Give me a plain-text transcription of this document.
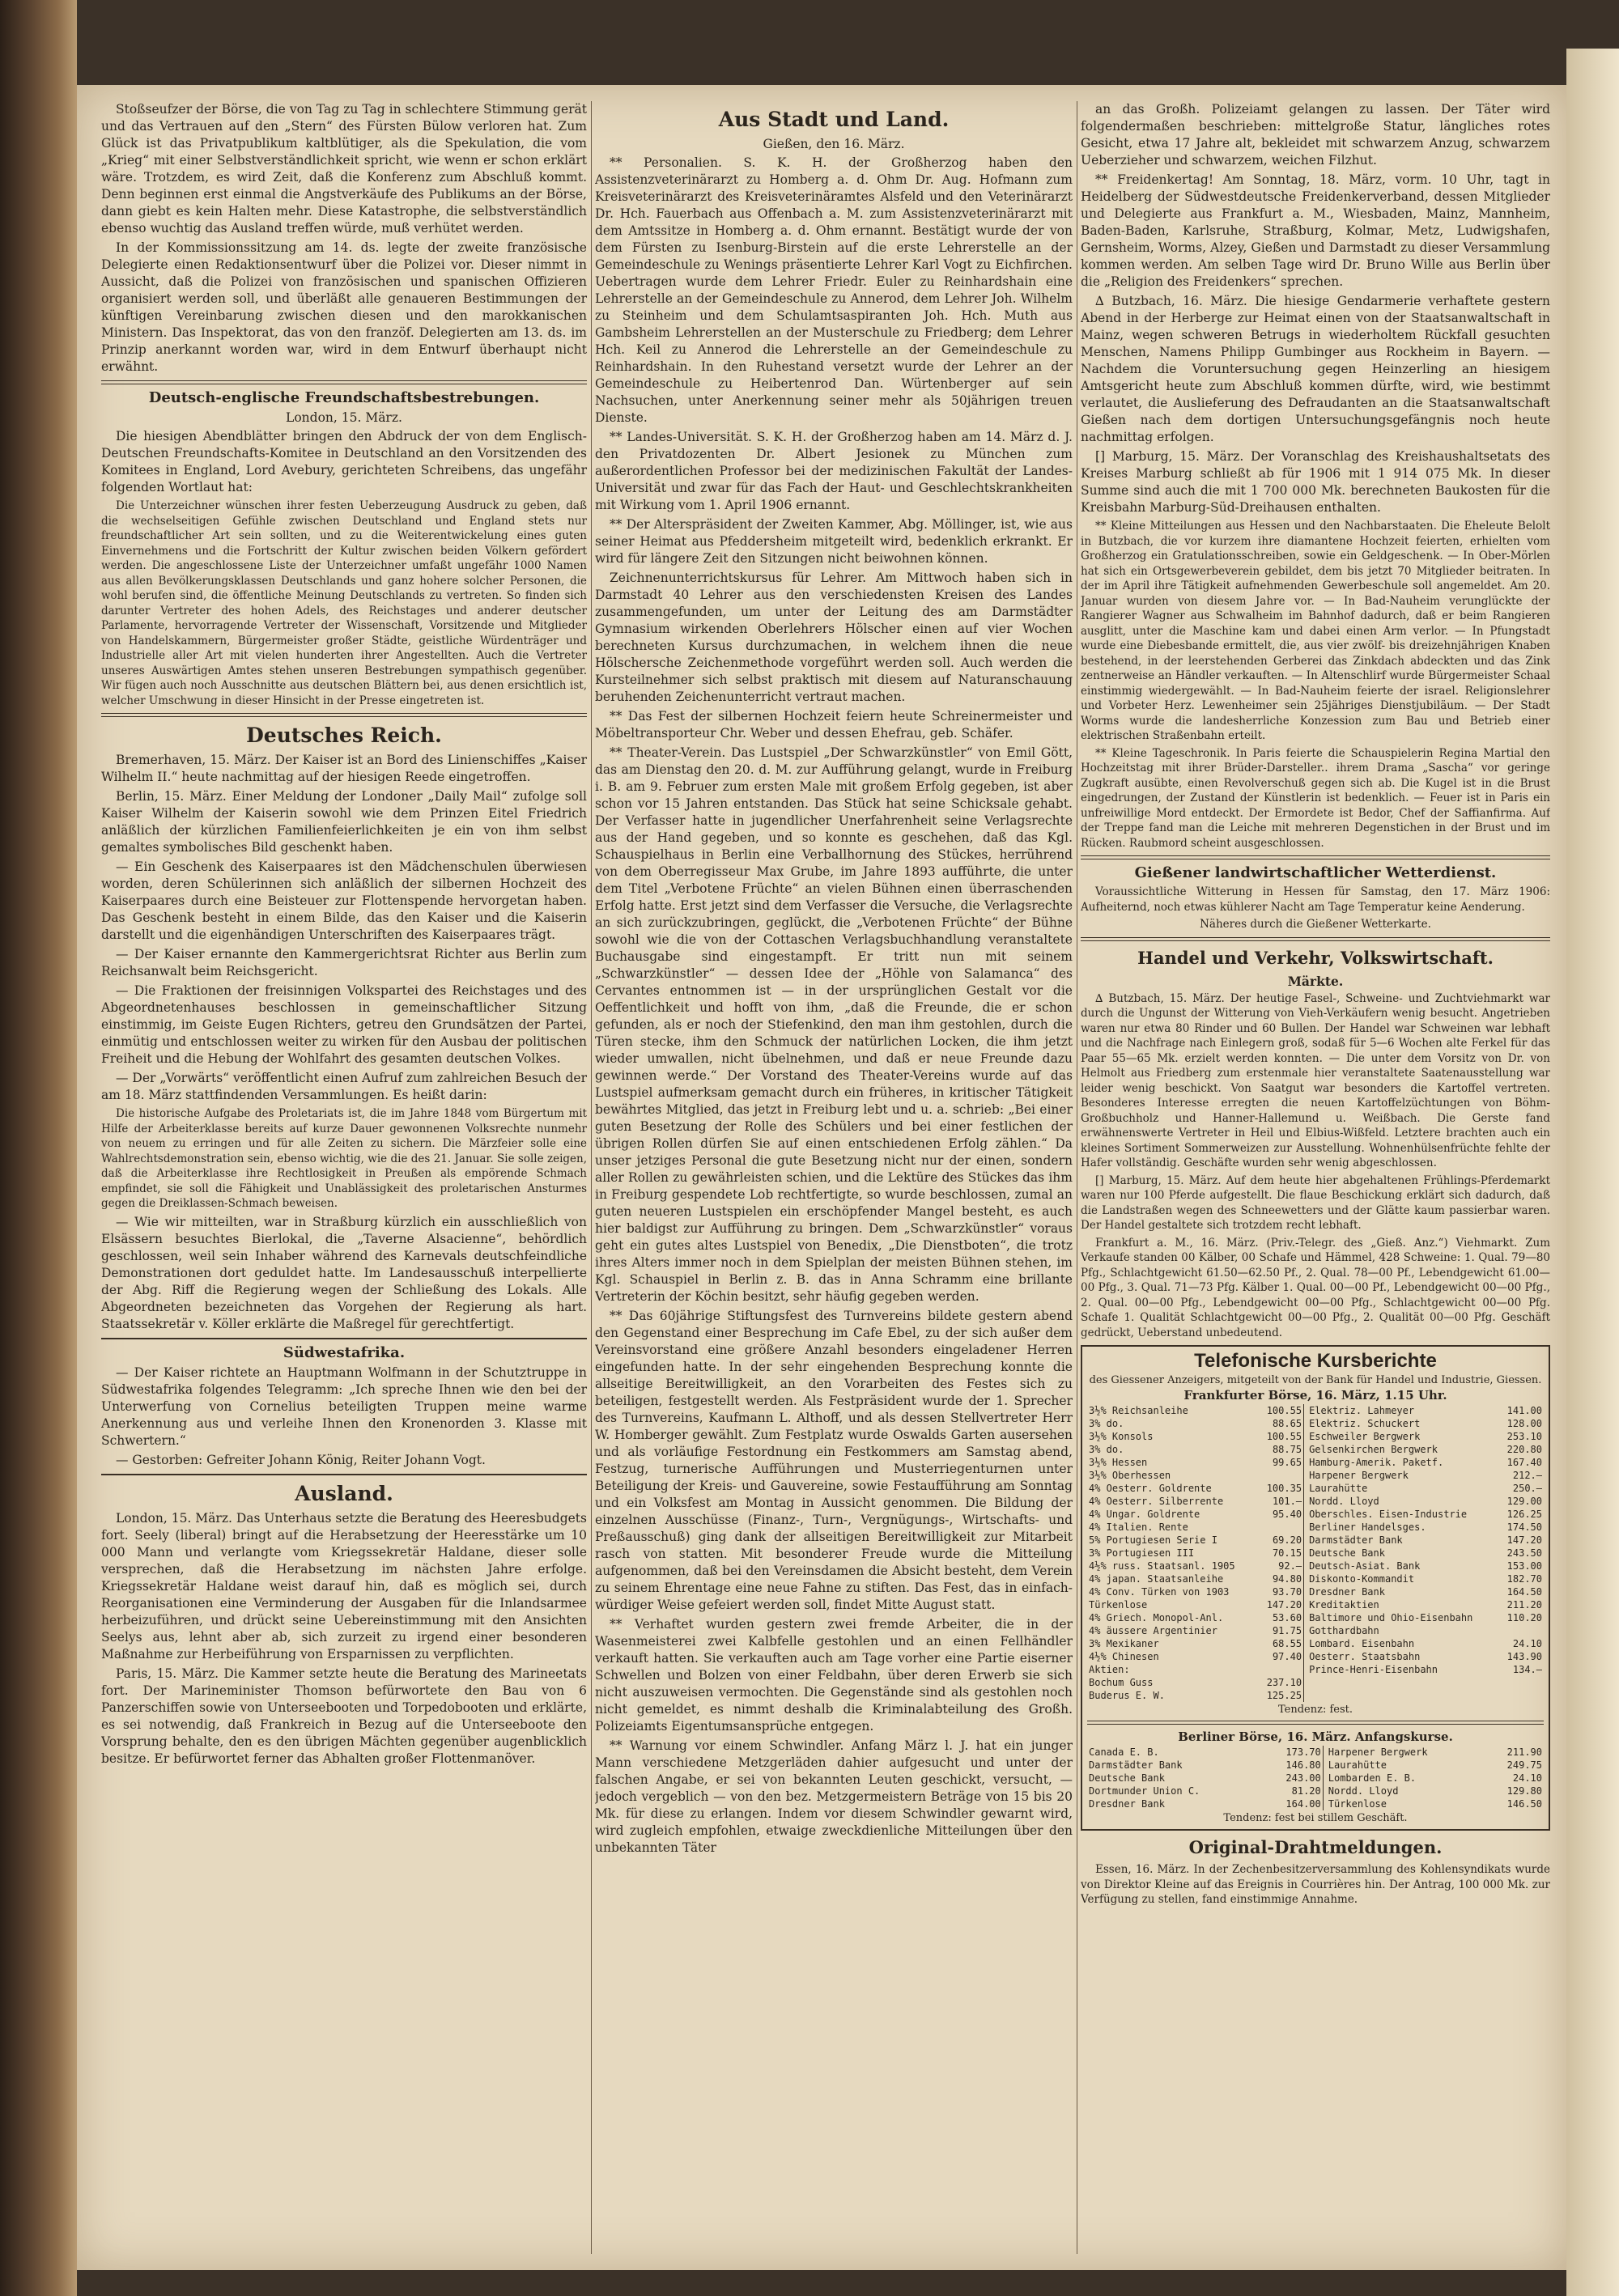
Stoßseufzer der Börse, die von Tag zu Tag in schlechtere Stimmung gerät und das Vertrauen auf den „Stern“ des Fürsten Bülow verloren hat. Zum Glück ist das Privatpublikum kaltblütiger, als die Spekulation, die vom „Krieg“ mit einer Selbstverständlichkeit spricht, wie wenn er schon erklärt wäre. Trotzdem, es wird Zeit, daß die Konferenz zum Abschluß kommt. Denn beginnen erst einmal die Angstverkäufe des Publikums an der Börse, dann giebt es kein Halten mehr. Diese Katastrophe, die selbstverständlich ebenso wuchtig das Ausland treffen würde, muß verhütet werden.

In der Kommissionssitzung am 14. ds. legte der zweite französische Delegierte einen Redaktionsentwurf über die Polizei vor. Dieser nimmt in Aussicht, daß die Polizei von französischen und spanischen Offizieren organisiert werden soll, und überläßt alle genaueren Bestimmungen der künftigen Vereinbarung zwischen diesen und den marokkanischen Ministern. Das Inspektorat, das von den franzöf. Delegierten am 13. ds. im Prinzip anerkannt worden war, wird in dem Entwurf überhaupt nicht erwähnt.

Deutsch-englische Freundschaftsbestrebungen.
London, 15. März.

Die hiesigen Abendblätter bringen den Abdruck der von dem Englisch-Deutschen Freundschafts-Komitee in Deutschland an den Vorsitzenden des Komitees in England, Lord Avebury, gerichteten Schreibens, das ungefähr folgenden Wortlaut hat:

Die Unterzeichner wünschen ihrer festen Ueberzeugung Ausdruck zu geben, daß die wechselseitigen Gefühle zwischen Deutschland und England stets nur freundschaftlicher Art sein sollten, und zu die Weiterentwickelung eines guten Einvernehmens und die Fortschritt der Kultur zwischen beiden Völkern gefördert werden. Die angeschlossene Liste der Unterzeichner umfaßt ungefähr 1000 Namen aus allen Bevölkerungsklassen Deutschlands und ganz hohere solcher Personen, die wohl berufen sind, die öffentliche Meinung Deutschlands zu vertreten. So finden sich darunter Vertreter des hohen Adels, des Reichstages und anderer deutscher Parlamente, hervorragende Vertreter der Wissenschaft, Vorsitzende und Mitglieder von Handelskammern, Bürgermeister großer Städte, geistliche Würdenträger und Industrielle aller Art mit vielen hunderten ihrer Angestellten. Auch die Vertreter unseres Auswärtigen Amtes stehen unseren Bestrebungen sympathisch gegenüber. Wir fügen auch noch Ausschnitte aus deutschen Blättern bei, aus denen ersichtlich ist, welcher Umschwung in dieser Hinsicht in der Presse eingetreten ist.

Deutsches Reich.

Bremerhaven, 15. März. Der Kaiser ist an Bord des Linienschiffes „Kaiser Wilhelm II.“ heute nachmittag auf der hiesigen Reede eingetroffen.

Berlin, 15. März. Einer Meldung der Londoner „Daily Mail“ zufolge soll Kaiser Wilhelm der Kaiserin sowohl wie dem Prinzen Eitel Friedrich anläßlich der kürzlichen Familienfeierlichkeiten je ein von ihm selbst gemaltes symbolisches Bild geschenkt haben.

— Ein Geschenk des Kaiserpaares ist den Mädchenschulen überwiesen worden, deren Schülerinnen sich anläßlich der silbernen Hochzeit des Kaiserpaares durch eine Beisteuer zur Flottenspende hervorgetan haben. Das Geschenk besteht in einem Bilde, das den Kaiser und die Kaiserin darstellt und die eigenhändigen Unterschriften des Kaiserpaares trägt.

— Der Kaiser ernannte den Kammergerichtsrat Richter aus Berlin zum Reichsanwalt beim Reichsgericht.

— Die Fraktionen der freisinnigen Volkspartei des Reichstages und des Abgeordnetenhauses beschlossen in gemeinschaftlicher Sitzung einstimmig, im Geiste Eugen Richters, getreu den Grundsätzen der Partei, einmütig und entschlossen weiter zu wirken für den Ausbau der politischen Freiheit und die Hebung der Wohlfahrt des gesamten deutschen Volkes.

— Der „Vorwärts“ veröffentlicht einen Aufruf zum zahlreichen Besuch der am 18. März stattfindenden Versammlungen. Es heißt darin:

Die historische Aufgabe des Proletariats ist, die im Jahre 1848 vom Bürgertum mit Hilfe der Arbeiterklasse bereits auf kurze Dauer gewonnenen Volksrechte nunmehr von neuem zu erringen und für alle Zeiten zu sichern. Die Märzfeier solle eine Wahlrechtsdemonstration sein, ebenso wichtig, wie die des 21. Januar. Sie solle zeigen, daß die Arbeiterklasse ihre Rechtlosigkeit in Preußen als empörende Schmach empfindet, sie soll die Fähigkeit und Unablässigkeit des proletarischen Ansturmes gegen die Dreiklassen-Schmach beweisen.

— Wie wir mitteilten, war in Straßburg kürzlich ein ausschließlich von Elsässern besuchtes Bierlokal, die „Taverne Alsacienne“, behördlich geschlossen, weil sein Inhaber während des Karnevals deutschfeindliche Demonstrationen dort geduldet hatte. Im Landesausschuß interpellierte der Abg. Riff die Regierung wegen der Schließung des Lokals. Alle Abgeordneten bezeichneten das Vorgehen der Regierung als hart. Staatssekretär v. Köller erklärte die Maßregel für gerechtfertigt.

Südwestafrika.

— Der Kaiser richtete an Hauptmann Wolfmann in der Schutztruppe in Südwestafrika folgendes Telegramm: „Ich spreche Ihnen wie den bei der Unterwerfung von Cornelius beteiligten Truppen meine warme Anerkennung aus und verleihe Ihnen den Kronenorden 3. Klasse mit Schwertern.“

— Gestorben: Gefreiter Johann König, Reiter Johann Vogt.

Ausland.

London, 15. März. Das Unterhaus setzte die Beratung des Heeresbudgets fort. Seely (liberal) bringt auf die Herabsetzung der Heeresstärke um 10 000 Mann und verlangte vom Kriegssekretär Haldane, dieser solle versprechen, daß die Herabsetzung im nächsten Jahre erfolge. Kriegssekretär Haldane weist darauf hin, daß es möglich sei, durch Reorganisationen eine Verminderung der Ausgaben für die Inlandsarmee herbeizuführen, und drückt seine Uebereinstimmung mit den Ansichten Seelys aus, lehnt aber ab, sich zurzeit zu irgend einer besonderen Maßnahme zur Herbeiführung von Ersparnissen zu verpflichten.

Paris, 15. März. Die Kammer setzte heute die Beratung des Marineetats fort. Der Marineminister Thomson befürwortete den Bau von 6 Panzerschiffen sowie von Unterseebooten und Torpedobooten und erklärte, es sei notwendig, daß Frankreich in Bezug auf die Unterseeboote den Vorsprung behalte, den es den übrigen Mächten gegenüber augenblicklich besitze. Er befürwortet ferner das Abhalten großer Flottenmanöver.

Aus Stadt und Land.
Gießen, den 16. März.

** Personalien. S. K. H. der Großherzog haben den Assistenzveterinärarzt zu Homberg a. d. Ohm Dr. Aug. Hofmann zum Kreisveterinärarzt des Kreisveterinäramtes Alsfeld und den Veterinärarzt Dr. Hch. Fauerbach aus Offenbach a. M. zum Assistenzveterinärarzt mit dem Amtssitze in Homberg a. d. Ohm ernannt. Bestätigt wurde der von dem Fürsten zu Isenburg-Birstein auf die erste Lehrerstelle an der Gemeindeschule zu Wenings präsentierte Lehrer Karl Vogt zu Eichfirchen. Uebertragen wurde dem Lehrer Friedr. Euler zu Reinhardshain eine Lehrerstelle an der Gemeindeschule zu Annerod, dem Lehrer Joh. Wilhelm zu Steinheim und dem Schulamtsaspiranten Joh. Hch. Muth aus Gambsheim Lehrerstellen an der Musterschule zu Friedberg; dem Lehrer Hch. Keil zu Annerod die Lehrerstelle an der Gemeindeschule zu Reinhardshain. In den Ruhestand versetzt wurde der Lehrer an der Gemeindeschule zu Heibertenrod Dan. Würtenberger auf sein Nachsuchen, unter Anerkennung seiner mehr als 50jährigen treuen Dienste.

** Landes-Universität. S. K. H. der Großherzog haben am 14. März d. J. den Privatdozenten Dr. Albert Jesionek zu München zum außerordentlichen Professor bei der medizinischen Fakultät der Landes-Universität und zwar für das Fach der Haut- und Geschlechtskrankheiten mit Wirkung vom 1. April 1906 ernannt.

** Der Alterspräsident der Zweiten Kammer, Abg. Möllinger, ist, wie aus seiner Heimat aus Pfeddersheim mitgeteilt wird, bedenklich erkrankt. Er wird für längere Zeit den Sitzungen nicht beiwohnen können.

Zeichnenunterrichtskursus für Lehrer. Am Mittwoch haben sich in Darmstadt 40 Lehrer aus den verschiedensten Kreisen des Landes zusammengefunden, um unter der Leitung des am Darmstädter Gymnasium wirkenden Oberlehrers Hölscher einen auf vier Wochen berechneten Kursus durchzumachen, in welchem ihnen die neue Hölschersche Zeichenmethode vorgeführt werden soll. Auch werden die Kursteilnehmer sich selbst praktisch mit diesem auf Naturanschauung beruhenden Zeichenunterricht vertraut machen.

** Das Fest der silbernen Hochzeit feiern heute Schreinermeister und Möbeltransporteur Chr. Weber und dessen Ehefrau, geb. Schäfer.

** Theater-Verein. Das Lustspiel „Der Schwarzkünstler“ von Emil Gött, das am Dienstag den 20. d. M. zur Aufführung gelangt, wurde in Freiburg i. B. am 9. Februer zum ersten Male mit großem Erfolg gegeben, ist aber schon vor 15 Jahren entstanden. Das Stück hat seine Schicksale gehabt. Der Verfasser hatte in jugendlicher Unerfahrenheit seine Verlagsrechte aus der Hand gegeben, und so konnte es geschehen, daß das Kgl. Schauspielhaus in Berlin eine Verballhornung des Stückes, herrührend von dem Oberregisseur Max Grube, im Jahre 1893 aufführte, die unter dem Titel „Verbotene Früchte“ an vielen Bühnen einen überraschenden Erfolg hatte. Erst jetzt sind dem Verfasser die Versuche, die Verlagsrechte an sich zurückzubringen, geglückt, die „Verbotenen Früchte“ der Bühne sowohl wie die von der Cottaschen Verlagsbuchhandlung veranstaltete Buchausgabe sind eingestampft. Er tritt nun mit seinem „Schwarzkünstler“ — dessen Idee der „Höhle von Salamanca“ des Cervantes entnommen ist — in der ursprünglichen Gestalt vor die Oeffentlichkeit und hofft von ihm, „daß die Freunde, die er schon gefunden, als er noch der Stiefenkind, den man ihm gestohlen, durch die Türen stecke, ihm den Schmuck der natürlichen Locken, die ihm jetzt wieder umwallen, nicht übelnehmen, und daß er neue Freunde dazu gewinnen werde.“ Der Vorstand des Theater-Vereins wurde auf das Lustspiel aufmerksam gemacht durch ein früheres, in kritischer Tätigkeit bewährtes Mitglied, das jetzt in Freiburg lebt und u. a. schrieb: „Bei einer guten Besetzung der Rolle des Schülers und bei einer festlichen der übrigen Rollen dürfen Sie auf einen entschiedenen Erfolg zählen.“ Da unser jetziges Personal die gute Besetzung nicht nur der einen, sondern aller Rollen zu gewährleisten schien, und die Lektüre des Stückes das ihm in Freiburg gespendete Lob rechtfertigte, so wurde beschlossen, zumal an guten neueren Lustspielen ein erschöpfender Mangel besteht, es auch hier baldigst zur Aufführung zu bringen. Dem „Schwarzkünstler“ voraus geht ein gutes altes Lustspiel von Benedix, „Die Dienstboten“, die trotz ihres Alters immer noch in dem Spielplan der meisten Bühnen stehen, im Kgl. Schauspiel in Berlin z. B. das in Anna Schramm eine brillante Vertreterin der Köchin besitzt, sehr häufig gegeben werden.

** Das 60jährige Stiftungsfest des Turnvereins bildete gestern abend den Gegenstand einer Besprechung im Cafe Ebel, zu der sich außer dem Vereinsvorstand eine größere Anzahl besonders eingeladener Herren eingefunden hatte. In der sehr eingehenden Besprechung konnte die allseitige Bereitwilligkeit, an den Vorarbeiten des Festes sich zu beteiligen, festgestellt werden. Als Festpräsident wurde der 1. Sprecher des Turnvereins, Kaufmann L. Althoff, und als dessen Stellvertreter Herr W. Homberger gewählt. Zum Festplatz wurde Oswalds Garten ausersehen und als vorläufige Festordnung ein Festkommers am Samstag abend, Festzug, turnerische Aufführungen und Musterriegenturnen unter Beteiligung der Kreis- und Gauvereine, sowie Festaufführung am Sonntag und ein Volksfest am Montag in Aussicht genommen. Die Bildung der einzelnen Ausschüsse (Finanz-, Turn-, Vergnügungs-, Wirtschafts- und Preßausschuß) ging dank der allseitigen Bereitwilligkeit zur Mitarbeit rasch von statten. Mit besonderer Freude wurde die Mitteilung aufgenommen, daß bei den Vereinsdamen die Absicht besteht, dem Verein zu seinem Ehrentage eine neue Fahne zu stiften. Das Fest, das in einfach-würdiger Weise gefeiert werden soll, findet Mitte August statt.

** Verhaftet wurden gestern zwei fremde Arbeiter, die in der Wasenmeisterei zwei Kalbfelle gestohlen und an einen Fellhändler verkauft hatten. Sie verkauften auch am Tage vorher eine Partie eiserner Schwellen und Bolzen von einer Feldbahn, über deren Erwerb sie sich nicht auszuweisen vermochten. Die Gegenstände sind als gestohlen noch nicht gemeldet, es nimmt deshalb die Kriminalabteilung des Großh. Polizeiamts Eigentumsansprüche entgegen.

** Warnung vor einem Schwindler. Anfang März l. J. hat ein junger Mann verschiedene Metzgerläden dahier aufgesucht und unter der falschen Angabe, er sei von bekannten Leuten geschickt, versucht, — jedoch vergeblich — von den bez. Metzgermeistern Beträge von 15 bis 20 Mk. für diese zu erlangen. Indem vor diesem Schwindler gewarnt wird, wird zugleich empfohlen, etwaige zweckdienliche Mitteilungen über den unbekannten Täter

an das Großh. Polizeiamt gelangen zu lassen. Der Täter wird folgendermaßen beschrieben: mittelgroße Statur, längliches rotes Gesicht, etwa 17 Jahre alt, bekleidet mit schwarzem Anzug, schwarzem Ueberzieher und schwarzem, weichen Filzhut.

** Freidenkertag! Am Sonntag, 18. März, vorm. 10 Uhr, tagt in Heidelberg der Südwestdeutsche Freidenkerverband, dessen Mitglieder und Delegierte aus Frankfurt a. M., Wiesbaden, Mainz, Mannheim, Baden-Baden, Karlsruhe, Straßburg, Kolmar, Metz, Ludwigshafen, Gernsheim, Worms, Alzey, Gießen und Darmstadt zu dieser Versammlung kommen werden. Am selben Tage wird Dr. Bruno Wille aus Berlin über die „Religion des Freidenkers“ sprechen.

∆ Butzbach, 16. März. Die hiesige Gendarmerie verhaftete gestern Abend in der Herberge zur Heimat einen von der Staatsanwaltschaft in Mainz, wegen schweren Betrugs in wiederholtem Rückfall gesuchten Menschen, Namens Philipp Gumbinger aus Rockheim in Bayern. — Nachdem die Voruntersuchung gegen Heinzerling an hiesigem Amtsgericht heute zum Abschluß kommen dürfte, wird, wie bestimmt verlautet, die Auslieferung des Defraudanten an die Staatsanwaltschaft Gießen nach dem dortigen Untersuchungsgefängnis noch heute nachmittag erfolgen.

[] Marburg, 15. März. Der Voranschlag des Kreishaushaltsetats des Kreises Marburg schließt ab für 1906 mit 1 914 075 Mk. In dieser Summe sind auch die mit 1 700 000 Mk. berechneten Baukosten für die Kreisbahn Marburg-Süd-Dreihausen enthalten.

** Kleine Mitteilungen aus Hessen und den Nachbarstaaten. Die Eheleute Belolt in Butzbach, die vor kurzem ihre diamantene Hochzeit feierten, erhielten vom Großherzog ein Gratulationsschreiben, sowie ein Geldgeschenk. — In Ober-Mörlen hat sich ein Ortsgewerbeverein gebildet, dem bis jetzt 70 Mitglieder beitraten. In der im April ihre Tätigkeit aufnehmenden Gewerbeschule soll angemeldet. Am 20. Januar wurden von diesem Jahre vor. — In Bad-Nauheim verunglückte der Rangierer Wagner aus Schwalheim im Bahnhof dadurch, daß er beim Rangieren ausglitt, unter die Maschine kam und dabei einen Arm verlor. — In Pfungstadt wurde eine Diebesbande ermittelt, die, aus vier zwölf- bis dreizehnjährigen Knaben bestehend, in der leerstehenden Gerberei das Zinkdach abdeckten und das Zink zentnerweise an Händler verkauften. — In Altenschlirf wurde Bürgermeister Schaal einstimmig wiedergewählt. — In Bad-Nauheim feierte der israel. Religionslehrer und Vorbeter Herz. Lewenheimer sein 25jähriges Dienstjubiläum. — Der Stadt Worms wurde die landesherrliche Konzession zum Bau und Betrieb einer elektrischen Straßenbahn erteilt.

** Kleine Tageschronik. In Paris feierte die Schauspielerin Regina Martial den Hochzeitstag mit ihrer Brüder-Darsteller.. ihrem Drama „Sascha“ vor geringe Zugkraft ausübte, einen Revolverschuß gegen sich ab. Die Kugel ist in die Brust eingedrungen, der Zustand der Künstlerin ist bedenklich. — Feuer ist in Paris ein unfreiwillige Mord entdeckt. Der Ermordete ist Bedor, Chef der Saffianfirma. Auf der Treppe fand man die Leiche mit mehreren Degenstichen in der Brust und im Rücken. Raubmord scheint ausgeschlossen.

Gießener landwirtschaftlicher Wetterdienst.

Voraussichtliche Witterung in Hessen für Samstag, den 17. März 1906: Aufheiternd, noch etwas kühlerer Nacht am Tage Temperatur keine Aenderung.

Näheres durch die Gießener Wetterkarte.

Handel und Verkehr, Volkswirtschaft.
Märkte.

∆ Butzbach, 15. März. Der heutige Fasel-, Schweine- und Zuchtviehmarkt war durch die Ungunst der Witterung von Vieh-Verkäufern wenig besucht. Angetrieben waren nur etwa 80 Rinder und 60 Bullen. Der Handel war Schweinen war lebhaft und die Nachfrage nach Einlegern groß, sodaß für 5—6 Wochen alte Ferkel für das Paar 55—65 Mk. erzielt werden konnten. — Die unter dem Vorsitz von Dr. von Helmolt aus Friedberg zum erstenmale hier veranstaltete Saatenausstellung war leider wenig beschickt. Von Saatgut war besonders die Kartoffel vertreten. Besonderes Interesse erregten die neuen Kartoffelzüchtungen von Böhm-Großbuchholz und Hanner-Hallemund u. Weißbach. Die Gerste fand erwähnenswerte Vertreter in Heil und Elbius-Wißfeld. Letztere brachten auch ein kleines Sortiment Sommerweizen zur Ausstellung. Wohnenhülsenfrüchte fehlte der Hafer vollständig. Geschäfte wurden sehr wenig abgeschlossen.

[] Marburg, 15. März. Auf dem heute hier abgehaltenen Frühlings-Pferdemarkt waren nur 100 Pferde aufgestellt. Die flaue Beschickung erklärt sich dadurch, daß die Landstraßen wegen des Schneewetters und der Glätte kaum passierbar waren. Der Handel gestaltete sich trotzdem recht lebhaft.

Frankfurt a. M., 16. März. (Priv.-Telegr. des „Gieß. Anz.“) Viehmarkt. Zum Verkaufe standen 00 Kälber, 00 Schafe und Hämmel, 428 Schweine: 1. Qual. 79—80 Pfg., Schlachtgewicht 61.50—62.50 Pf., 2. Qual. 78—00 Pf., Lebendgewicht 61.00—00 Pfg., 3. Qual. 71—73 Pfg. Kälber 1. Qual. 00—00 Pf., Lebendgewicht 00—00 Pfg., 2. Qual. 00—00 Pfg., Lebendgewicht 00—00 Pfg., Schlachtgewicht 00—00 Pfg. Schafe 1. Qualität Schlachtgewicht 00—00 Pfg., 2. Qualität 00—00 Pfg. Geschäft gedrückt, Ueberstand unbedeutend.

Telefonische Kursberichte
des Giessener Anzeigers, mitgeteilt von der Bank für Handel und Industrie, Giessen.
Frankfurter Börse, 16. März, 1.15 Uhr.
3½% Reichsanleihe	100.55		Elektriz. Lahmeyer	141.00
3% do.	88.65		Elektriz. Schuckert	128.00
3½% Konsols	100.55		Eschweiler Bergwerk	253.10
3% do.	88.75		Gelsenkirchen Bergwerk	220.80
3½% Hessen	99.65		Hamburg-Amerik. Paketf.	167.40
3½% Oberhessen			Harpener Bergwerk	212.—
4% Oesterr. Goldrente	100.35		Laurahütte	250.—
4% Oesterr. Silberrente	101.—		Nordd. Lloyd	129.00
4% Ungar. Goldrente	95.40		Oberschles. Eisen-Industrie	126.25
4% Italien. Rente			Berliner Handelsges.	174.50
5% Portugiesen Serie I	69.20		Darmstädter Bank	147.20
3% Portugiesen III	70.15		Deutsche Bank	243.50
4½% russ. Staatsanl. 1905	92.—		Deutsch-Asiat. Bank	153.00
4% japan. Staatsanleihe	94.80		Diskonto-Kommandit	182.70
4% Conv. Türken von 1903	93.70		Dresdner Bank	164.50
Türkenlose	147.20		Kreditaktien	211.20
4% Griech. Monopol-Anl.	53.60		Baltimore und Ohio-Eisenbahn	110.20
4% äussere Argentinier	91.75		Gotthardbahn	
3% Mexikaner	68.55		Lombard. Eisenbahn	24.10
4½% Chinesen	97.40		Oesterr. Staatsbahn	143.90
Aktien:			Prince-Henri-Eisenbahn	134.—
Bochum Guss	237.10			
Buderus E. W.	125.25			
Tendenz: fest.
Berliner Börse, 16. März. Anfangskurse.
Canada E. B.	173.70		Harpener Bergwerk	211.90
Darmstädter Bank	146.80		Laurahütte	249.75
Deutsche Bank	243.00		Lombarden E. B.	24.10
Dortmunder Union C.	81.20		Nordd. Lloyd	129.80
Dresdner Bank	164.00		Türkenlose	146.50
Tendenz: fest bei stillem Geschäft.
Original-Drahtmeldungen.

Essen, 16. März. In der Zechenbesitzerversammlung des Kohlensyndikats wurde von Direktor Kleine auf das Ereignis in Courrières hin. Der Antrag, 100 000 Mk. zur Verfügung zu stellen, fand einstimmige Annahme.
